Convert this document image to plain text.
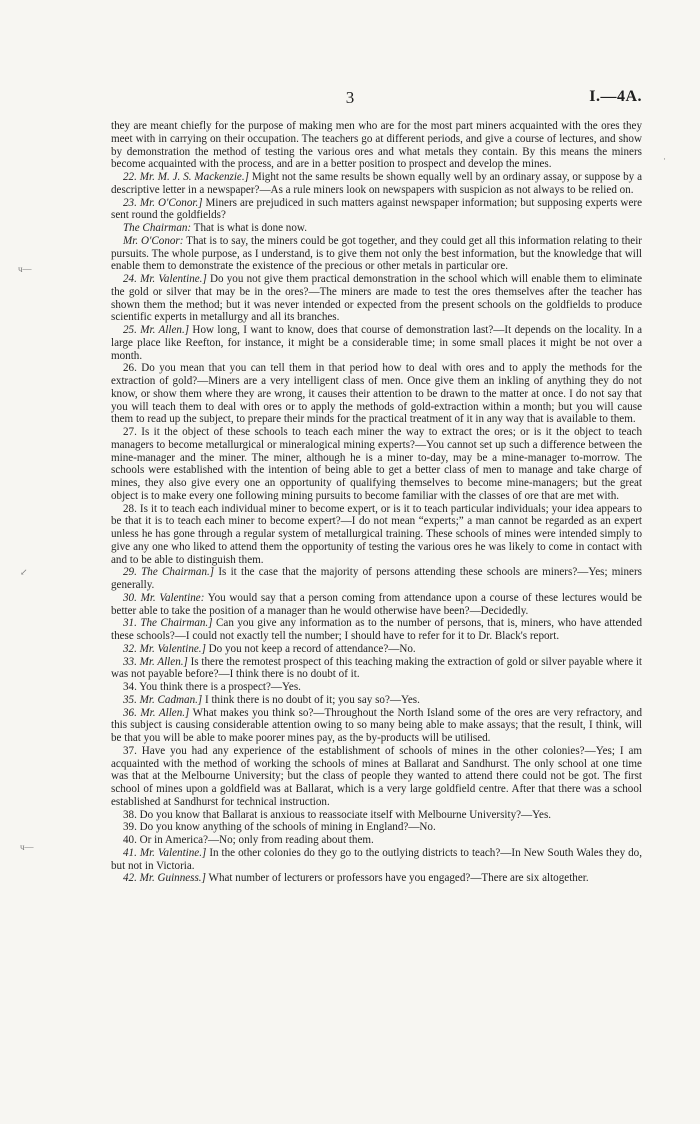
3	I.—4A.

they are meant chiefly for the purpose of making men who are for the most part miners acquainted with the ores they meet with in carrying on their occupation. The teachers go at different periods, and give a course of lectures, and show by demonstration the method of testing the various ores and what metals they contain. By this means the miners become acquainted with the process, and are in a better position to prospect and develop the mines.

22. Mr. M. J. S. Mackenzie.] Might not the same results be shown equally well by an ordinary assay, or suppose by a descriptive letter in a newspaper?—As a rule miners look on newspapers with suspicion as not always to be relied on.

23. Mr. O'Conor.] Miners are prejudiced in such matters against newspaper information; but supposing experts were sent round the goldfields?

The Chairman: That is what is done now.

Mr. O'Conor: That is to say, the miners could be got together, and they could get all this information relating to their pursuits. The whole purpose, as I understand, is to give them not only the best information, but the knowledge that will enable them to demonstrate the existence of the precious or other metals in particular ore.

24. Mr. Valentine.] Do you not give them practical demonstration in the school which will enable them to eliminate the gold or silver that may be in the ores?—The miners are made to test the ores themselves after the teacher has shown them the method; but it was never intended or expected from the present schools on the goldfields to produce scientific experts in metallurgy and all its branches.

25. Mr. Allen.] How long, I want to know, does that course of demonstration last?—It depends on the locality. In a large place like Reefton, for instance, it might be a considerable time; in some small places it might be not over a month.

26. Do you mean that you can tell them in that period how to deal with ores and to apply the methods for the extraction of gold?—Miners are a very intelligent class of men. Once give them an inkling of anything they do not know, or show them where they are wrong, it causes their attention to be drawn to the matter at once. I do not say that you will teach them to deal with ores or to apply the methods of gold-extraction within a month; but you will cause them to read up the subject, to prepare their minds for the practical treatment of it in any way that is available to them.

27. Is it the object of these schools to teach each miner the way to extract the ores; or is it the object to teach managers to become metallurgical or mineralogical mining experts?—You cannot set up such a difference between the mine-manager and the miner. The miner, although he is a miner to-day, may be a mine-manager to-morrow. The schools were established with the intention of being able to get a better class of men to manage and take charge of mines, they also give every one an opportunity of qualifying themselves to become mine-managers; but the great object is to make every one following mining pursuits to become familiar with the classes of ore that are met with.

28. Is it to teach each individual miner to become expert, or is it to teach particular individuals; your idea appears to be that it is to teach each miner to become expert?—I do not mean “experts;” a man cannot be regarded as an expert unless he has gone through a regular system of metallurgical training. These schools of mines were intended simply to give any one who liked to attend them the opportunity of testing the various ores he was likely to come in contact with and to be able to distinguish them.

29. The Chairman.] Is it the case that the majority of persons attending these schools are miners?—Yes; miners generally.

30. Mr. Valentine: You would say that a person coming from attendance upon a course of these lectures would be better able to take the position of a manager than he would otherwise have been?—Decidedly.

31. The Chairman.] Can you give any information as to the number of persons, that is, miners, who have attended these schools?—I could not exactly tell the number; I should have to refer for it to Dr. Black's report.

32. Mr. Valentine.] Do you not keep a record of attendance?—No.

33. Mr. Allen.] Is there the remotest prospect of this teaching making the extraction of gold or silver payable where it was not payable before?—I think there is no doubt of it.

34. You think there is a prospect?—Yes.

35. Mr. Cadman.] I think there is no doubt of it; you say so?—Yes.

36. Mr. Allen.] What makes you think so?—Throughout the North Island some of the ores are very refractory, and this subject is causing considerable attention owing to so many being able to make assays; that the result, I think, will be that you will be able to make poorer mines pay, as the by-products will be utilised.

37. Have you had any experience of the establishment of schools of mines in the other colonies?—Yes; I am acquainted with the method of working the schools of mines at Ballarat and Sandhurst. The only school at one time was that at the Melbourne University; but the class of people they wanted to attend there could not be got. The first school of mines upon a goldfield was at Ballarat, which is a very large goldfield centre. After that there was a school established at Sandhurst for technical instruction.

38. Do you know that Ballarat is anxious to reassociate itself with Melbourne University?—Yes.

39. Do you know anything of the schools of mining in England?—No.

40. Or in America?—No; only from reading about them.

41. Mr. Valentine.] In the other colonies do they go to the outlying districts to teach?—In New South Wales they do, but not in Victoria.

42. Mr. Guinness.] What number of lecturers or professors have you engaged?—There are six altogether.

ч—
↙
ч—
·
